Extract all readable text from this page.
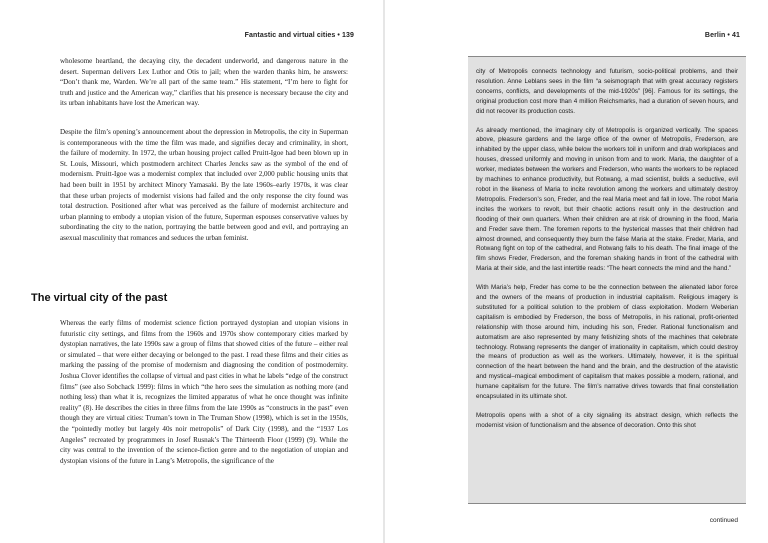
Fantastic and virtual cities • 139

wholesome heartland, the decaying city, the decadent underworld, and dangerous nature in the desert. Superman delivers Lex Luthor and Otis to jail; when the warden thanks him, he answers: “Don’t thank me, Warden. We’re all part of the same team.” His statement, “I’m here to fight for truth and justice and the American way,” clarifies that his presence is necessary because the city and its urban inhabitants have lost the American way.

Despite the film’s opening’s announcement about the depression in Metropolis, the city in Superman is contemporaneous with the time the film was made, and signifies decay and criminality, in short, the failure of modernity. In 1972, the urban housing project called Pruitt-Igoe had been blown up in St. Louis, Missouri, which postmodern architect Charles Jencks saw as the symbol of the end of modernism. Pruitt-Igoe was a modernist complex that included over 2,000 public housing units that had been built in 1951 by architect Minory Yamasaki. By the late 1960s–early 1970s, it was clear that these urban projects of modernist visions had failed and the only response the city found was total destruction. Positioned after what was perceived as the failure of modernist architecture and urban planning to embody a utopian vision of the future, Superman espouses conservative values by subordinating the city to the nation, portraying the battle between good and evil, and portraying an asexual masculinity that romances and seduces the urban feminist.

The virtual city of the past

Whereas the early films of modernist science fiction portrayed dystopian and utopian visions in futuristic city settings, and films from the 1960s and 1970s show contemporary cities marked by dystopian narratives, the late 1990s saw a group of films that showed cities of the future – either real or simulated – that were either decaying or belonged to the past. I read these films and their cities as marking the passing of the promise of modernism and diagnosing the condition of postmodernity. Joshua Clover identifies the collapse of virtual and past cities in what he labels “edge of the construct films” (see also Sobchack 1999): films in which “the hero sees the simulation as nothing more (and nothing less) than what it is, recognizes the limited apparatus of what he once thought was infinite reality” (8). He describes the cities in three films from the late 1990s as “constructs in the past” even though they are virtual cities: Truman’s town in The Truman Show (1998), which is set in the 1950s, the “pointedly motley but largely 40s noir metropolis” of Dark City (1998), and the “1937 Los Angeles” recreated by programmers in Josef Rusnak’s The Thirteenth Floor (1999) (9). While the city was central to the invention of the science-fiction genre and to the negotiation of utopian and dystopian visions of the future in Lang’s Metropolis, the significance of the

Berlin • 41

city of Metropolis connects technology and futurism, socio-political problems, and their resolution. Anne Leblans sees in the film “a seismograph that with great accuracy registers concerns, conflicts, and developments of the mid-1920s” [96]. Famous for its settings, the original production cost more than 4 million Reichsmarks, had a duration of seven hours, and did not recover its production costs.

As already mentioned, the imaginary city of Metropolis is organized vertically. The spaces above, pleasure gardens and the large office of the owner of Metropolis, Frederson, are inhabited by the upper class, while below the workers toil in uniform and drab workplaces and houses, dressed uniformly and moving in unison from and to work. Maria, the daughter of a worker, mediates between the workers and Frederson, who wants the workers to be replaced by machines to enhance productivity, but Rotwang, a mad scientist, builds a seductive, evil robot in the likeness of Maria to incite revolution among the workers and ultimately destroy Metropolis. Frederson’s son, Freder, and the real Maria meet and fall in love. The robot Maria incites the workers to revolt, but their chaotic actions result only in the destruction and flooding of their own quarters. When their children are at risk of drowning in the flood, Maria and Freder save them. The foremen reports to the hysterical masses that their children had almost drowned, and consequently they burn the false Maria at the stake. Freder, Maria, and Rotwang fight on top of the cathedral, and Rotwang falls to his death. The final image of the film shows Freder, Frederson, and the foreman shaking hands in front of the cathedral with Maria at their side, and the last intertitle reads: “The heart connects the mind and the hand.”

With Maria’s help, Freder has come to be the connection between the alienated labor force and the owners of the means of production in industrial capitalism. Religious imagery is substituted for a political solution to the problem of class exploitation. Modern Weberian capitalism is embodied by Frederson, the boss of Metropolis, in his rational, profit-oriented relationship with those around him, including his son, Freder. Rational functionalism and automatism are also represented by many fetishizing shots of the machines that celebrate technology. Rotwang represents the danger of irrationality in capitalism, which could destroy the means of production as well as the workers. Ultimately, however, it is the spiritual connection of the heart between the hand and the brain, and the destruction of the atavistic and mystical–magical embodiment of capitalism that makes possible a modern, rational, and humane capitalism for the future. The film’s narrative drives towards that final constellation encapsulated in its ultimate shot.

Metropolis opens with a shot of a city signaling its abstract design, which reflects the modernist vision of functionalism and the absence of decoration. Onto this shot

continued
